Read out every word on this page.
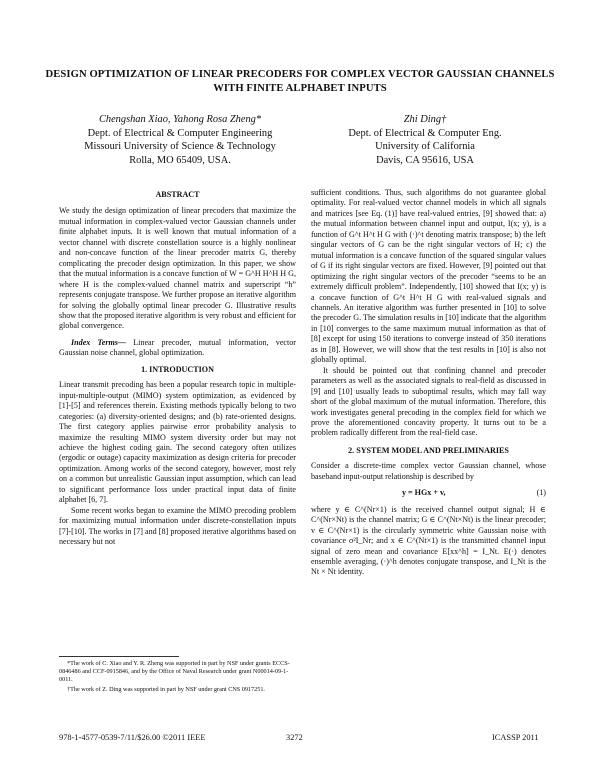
DESIGN OPTIMIZATION OF LINEAR PRECODERS FOR COMPLEX VECTOR GAUSSIAN CHANNELS WITH FINITE ALPHABET INPUTS
Chengshan Xiao, Yahong Rosa Zheng*
Dept. of Electrical & Computer Engineering
Missouri University of Science & Technology
Rolla, MO 65409, USA.
Zhi Ding†
Dept. of Electrical & Computer Eng.
University of California
Davis, CA 95616, USA

ABSTRACT

We study the design optimization of linear precoders that maximize the mutual information in complex-valued vector Gaussian channels under finite alphabet inputs. It is well known that mutual information of a vector channel with discrete constellation source is a highly nonlinear and non-concave function of the linear precoder matrix G, thereby complicating the precoder design optimization. In this paper, we show that the mutual information is a concave function of W = G^H H^H H G, where H is the complex-valued channel matrix and superscript “h” represents conjugate transpose. We further propose an iterative algorithm for solving the globally optimal linear precoder G. Illustrative results show that the proposed iterative algorithm is very robust and efficient for global convergence.

Index Terms— Linear precoder, mutual information, vector Gaussian noise channel, global optimization.

1. INTRODUCTION

Linear transmit precoding has been a popular research topic in multiple-input-multiple-output (MIMO) system optimization, as evidenced by [1]-[5] and references therein. Existing methods typically belong to two categories: (a) diversity-oriented designs; and (b) rate-oriented designs. The first category applies pairwise error probability analysis to maximize the resulting MIMO system diversity order but may not achieve the highest coding gain. The second category often utilizes (ergodic or outage) capacity maximization as design criteria for precoder optimization. Among works of the second category, however, most rely on a common but unrealistic Gaussian input assumption, which can lead to significant performance loss under practical input data of finite alphabet [6, 7].

Some recent works began to examine the MIMO precoding problem for maximizing mutual information under discrete-constellation inputs [7]-[10]. The works in [7] and [8] proposed iterative algorithms based on necessary but not

*The work of C. Xiao and Y. R. Zheng was supported in part by NSF under grants ECCS-0846486 and CCF-0915846, and by the Office of Naval Research under grant N00014-09-1-0011.
†The work of Z. Ding was supported in part by NSF under grant CNS 0917251.

sufficient conditions. Thus, such algorithms do not guarantee global optimality. For real-valued vector channel models in which all signals and matrices [see Eq. (1)] have real-valued entries, [9] showed that: a) the mutual information between channel input and output, I(x; y), is a function of G^t H^t H G with (·)^t denoting matrix transpose; b) the left singular vectors of G can be the right singular vectors of H; c) the mutual information is a concave function of the squared singular values of G if its right singular vectors are fixed. However, [9] pointed out that optimizing the right singular vectors of the precoder “seems to be an extremely difficult problem”. Independently, [10] showed that I(x; y) is a concave function of G^t H^t H G with real-valued signals and channels. An iterative algorithm was further presented in [10] to solve the precoder G. The simulation results in [10] indicate that the algorithm in [10] converges to the same maximum mutual information as that of [8] except for using 150 iterations to converge instead of 350 iterations as in [8]. However, we will show that the test results in [10] is also not globally optimal.

It should be pointed out that confining channel and precoder parameters as well as the associated signals to real-field as discussed in [9] and [10] usually leads to suboptimal results, which may fall way short of the global maximum of the mutual information. Therefore, this work investigates general precoding in the complex field for which we prove the aforementioned concavity property. It turns out to be a problem radically different from the real-field case.

2. SYSTEM MODEL AND PRELIMINARIES

Consider a discrete-time complex vector Gaussian channel, whose baseband input-output relationship is described by

y = HGx + v,	(1)

where y ∈ C^(Nr×1) is the received channel output signal; H ∈ C^(Nr×Nt) is the channel matrix; G ∈ C^(Nt×Nt) is the linear precoder; v ∈ C^(Nr×1) is the circularly symmetric white Gaussian noise with covariance σ²I_Nr; and x ∈ C^(Nt×1) is the transmitted channel input signal of zero mean and covariance E[xx^h] = I_Nt. E(·) denotes ensemble averaging, (·)^h denotes conjugate transpose, and I_Nt is the Nt × Nt identity.

978-1-4577-0539-7/11/$26.00 ©2011 IEEE	3272	ICASSP 2011
